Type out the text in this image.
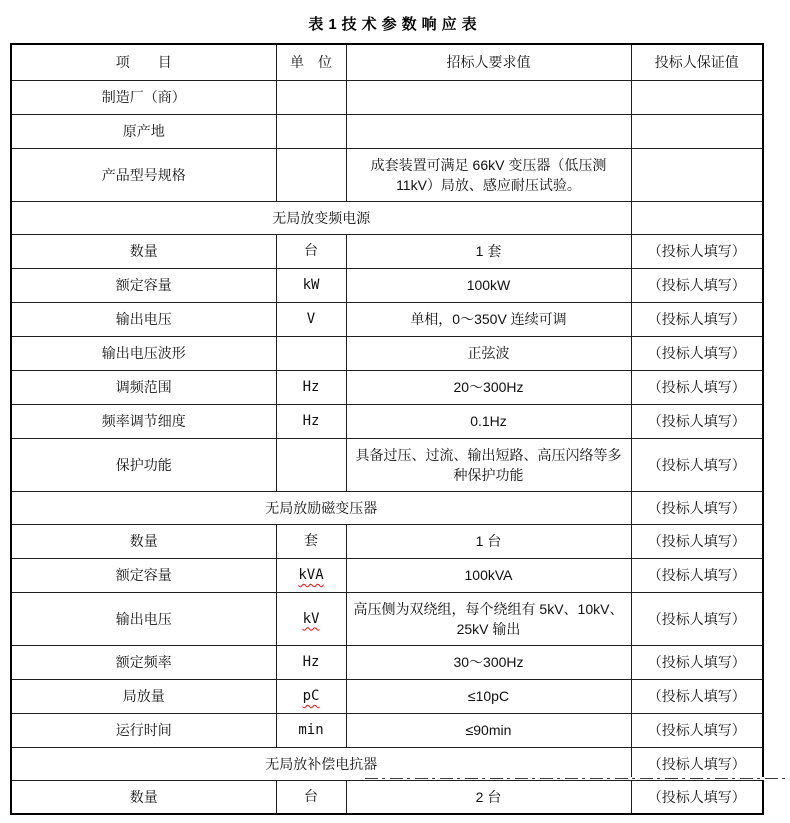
表1技术参数响应表
项　　目	单　位	招标人要求值	投标人保证值
制造厂（商）			
原产地			
产品型号规格		成套装置可满足 66kV 变压器（低压测 11kV）局放、感应耐压试验。	
无局放变频电源			
数量	台	1 套	（投标人填写）
额定容量	kW	100kW	（投标人填写）
输出电压	V	单相，0～350V 连续可调	（投标人填写）
输出电压波形		正弦波	（投标人填写）
调频范围	Hz	20～300Hz	（投标人填写）
频率调节细度	Hz	0.1Hz	（投标人填写）
保护功能		具备过压、过流、输出短路、高压闪络等多种保护功能	（投标人填写）
无局放励磁变压器			（投标人填写）
数量	套	1 台	（投标人填写）
额定容量	kVA	100kVA	（投标人填写）
输出电压	kV	高压侧为双绕组，每个绕组有 5kV、10kV、25kV 输出	（投标人填写）
额定频率	Hz	30～300Hz	（投标人填写）
局放量	pC	≤10pC	（投标人填写）
运行时间	min	≤90min	（投标人填写）
无局放补偿电抗器			（投标人填写）
数量	台	2 台	（投标人填写）
